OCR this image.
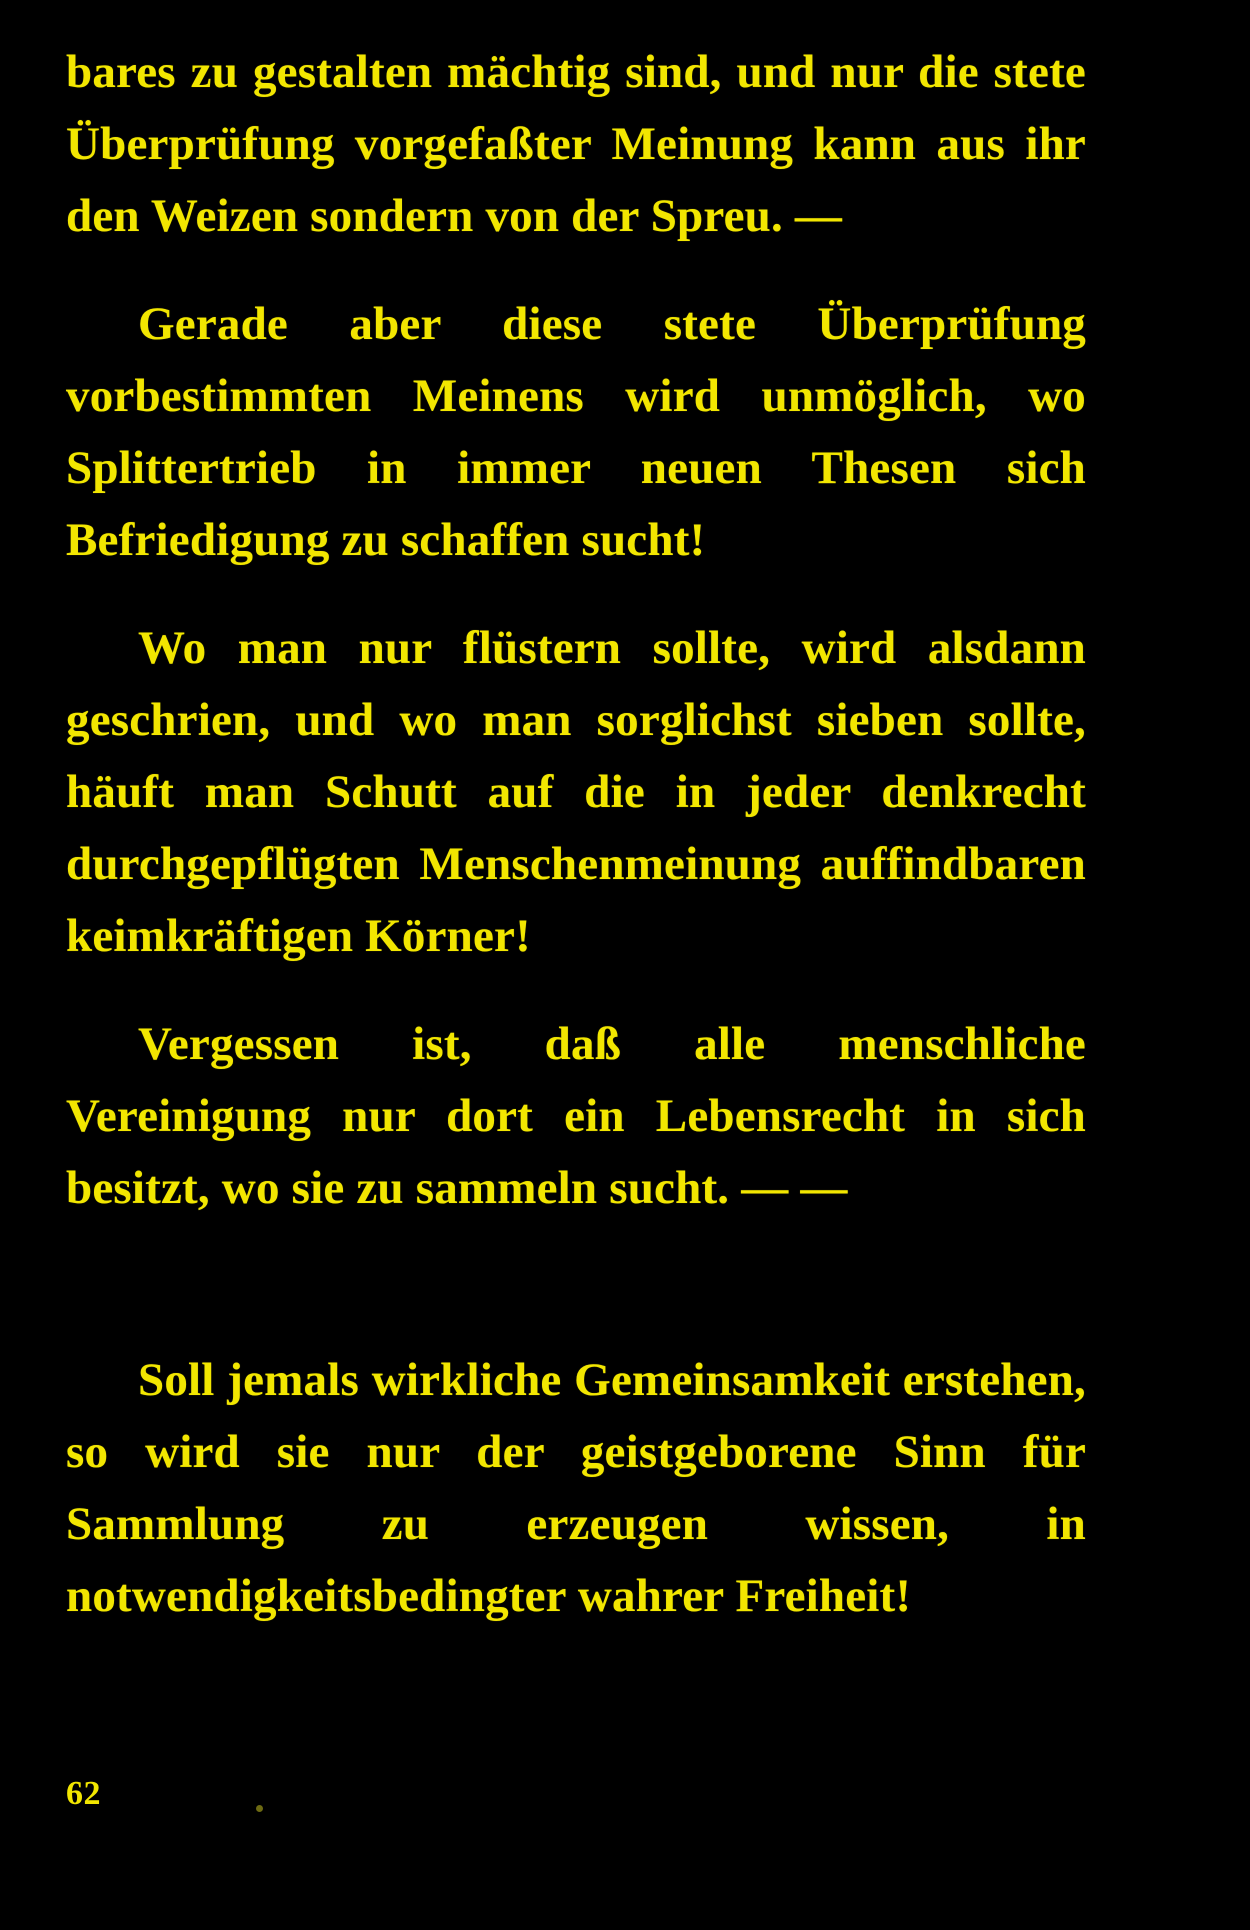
bares zu gestalten mächtig sind, und nur die stete Überprüfung vorgefaßter Meinung kann aus ihr den Weizen sondern von der Spreu. —

Gerade aber diese stete Überprüfung vorbestimmten Meinens wird unmöglich, wo Splittertrieb in immer neuen Thesen sich Befriedigung zu schaffen sucht!

Wo man nur flüstern sollte, wird alsdann geschrien, und wo man sorglichst sieben sollte, häuft man Schutt auf die in jeder denkrecht durchgepflügten Menschenmeinung auffindbaren keimkräftigen Körner!

Vergessen ist, daß alle menschliche Vereinigung nur dort ein Lebensrecht in sich besitzt, wo sie zu sammeln sucht. — —

Soll jemals wirkliche Gemeinsamkeit erstehen, so wird sie nur der geistgeborene Sinn für Sammlung zu erzeugen wissen, in notwendigkeitsbedingter wahrer Freiheit!

62
